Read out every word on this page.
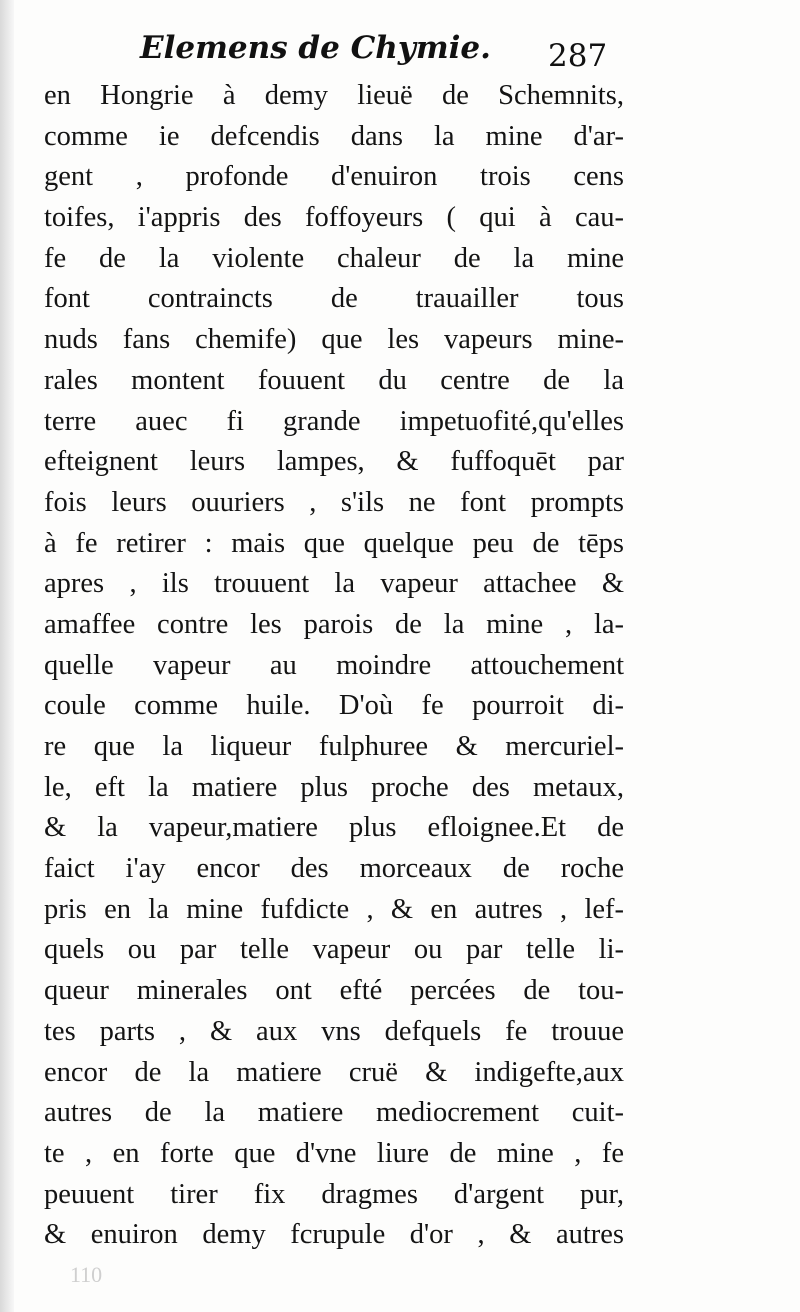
Elemens de Chymie. 287
en Hongrie à demy lieuë de Schemnits,
comme ie defcendis dans la mine d'ar-
gent , profonde d'enuiron trois cens
toifes, i'appris des foffoyeurs ( qui à cau-
fe de la violente chaleur de la mine
font contraincts de trauailler tous
nuds fans chemife) que les vapeurs mine-
rales montent fouuent du centre de la
terre auec fi grande impetuofité,qu'elles
efteignent leurs lampes, & fuffoquēt par
fois leurs ouuriers , s'ils ne font prompts
à fe retirer : mais que quelque peu de tēps
apres , ils trouuent la vapeur attachee &
amaffee contre les parois de la mine , la-
quelle vapeur au moindre attouchement
coule comme huile. D'où fe pourroit di-
re que la liqueur fulphuree & mercuriel-
le, eft la matiere plus proche des metaux,
& la vapeur,matiere plus efloignee.Et de
faict i'ay encor des morceaux de roche
pris en la mine fufdicte , & en autres , lef-
quels ou par telle vapeur ou par telle li-
queur minerales ont efté percées de tou-
tes parts , & aux vns defquels fe trouue
encor de la matiere cruë & indigefte,aux
autres de la matiere mediocrement cuit-
te , en forte que d'vne liure de mine , fe
peuuent tirer fix dragmes d'argent pur,
& enuiron demy fcrupule d'or , & autres
110
